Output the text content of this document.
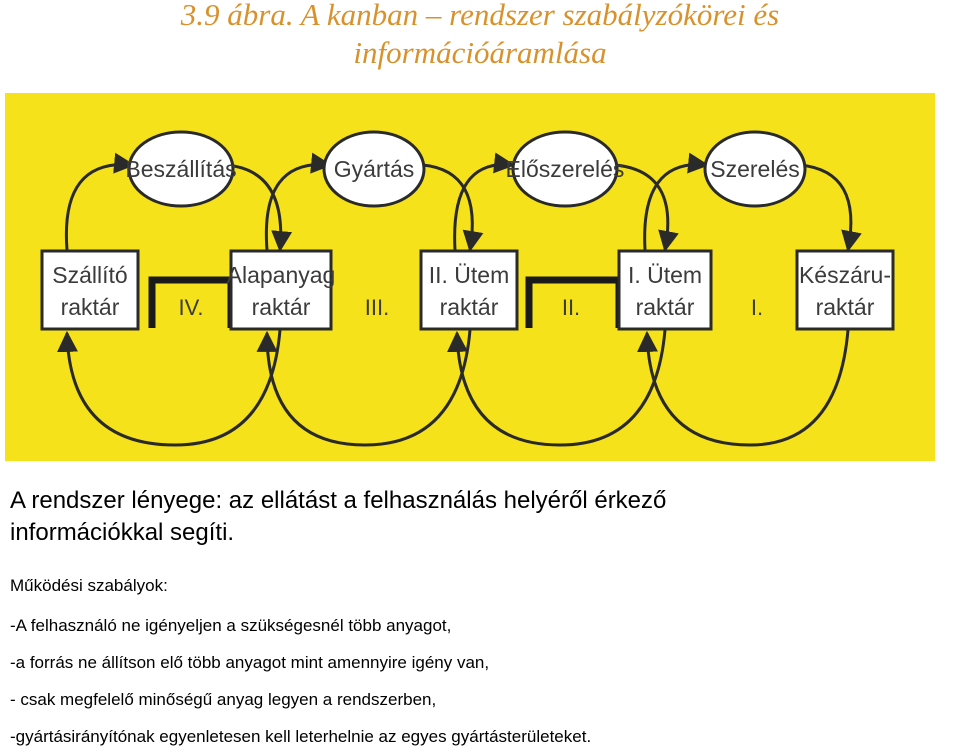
3.9 ábra. A kanban – rendszer szabályzókörei és
információáramlása
Beszállítás	Gyártás	Előszerelés	Szerelés
Szállító
raktár
Alapanyag
raktár
II. Ütem
raktár
I. Ütem
raktár
Készáru-
raktár
IV.	III.	II.	I.
A rendszer lényege: az ellátást a felhasználás helyéről érkező
információkkal segíti.
Működési szabályok:
-A felhasználó ne igényeljen a szükségesnél több anyagot,
-a forrás ne állítson elő több anyagot mint amennyire igény van,
- csak megfelelő minőségű anyag legyen a rendszerben,
-gyártásirányítónak egyenletesen kell leterhelnie az egyes gyártásterületeket.
